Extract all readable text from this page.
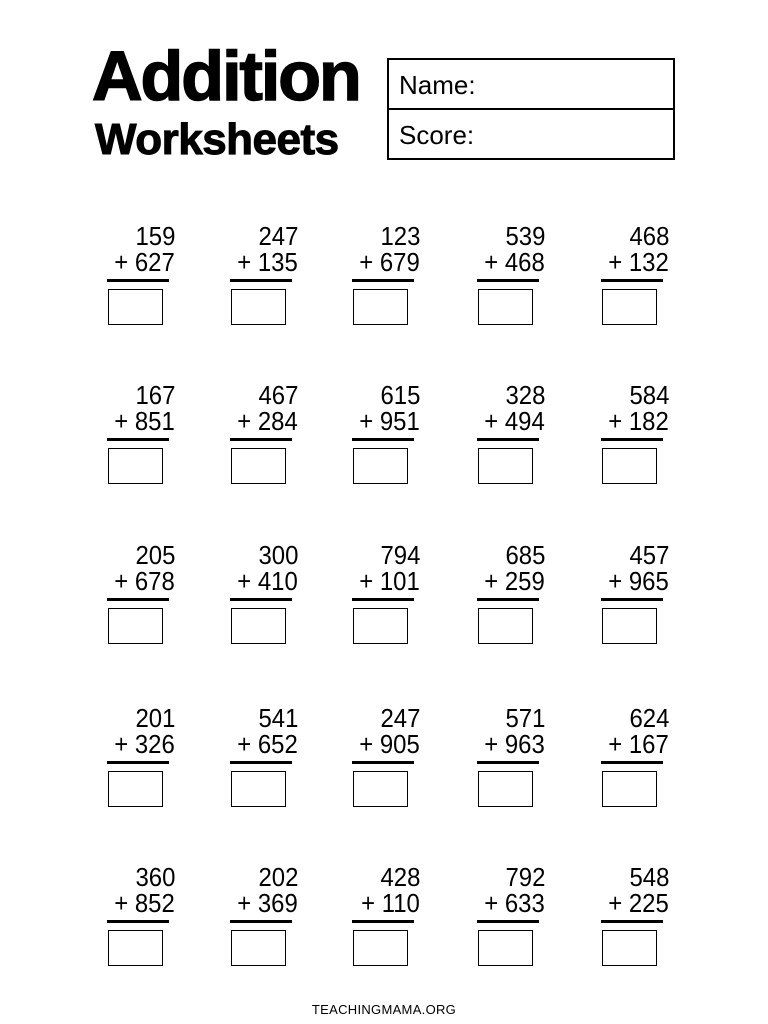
Addition
Worksheets
Name:
Score:
159
+ 627
247
+ 135
123
+ 679
539
+ 468
468
+ 132
167
+ 851
467
+ 284
615
+ 951
328
+ 494
584
+ 182
205
+ 678
300
+ 410
794
+ 101
685
+ 259
457
+ 965
201
+ 326
541
+ 652
247
+ 905
571
+ 963
624
+ 167
360
+ 852
202
+ 369
428
+ 110
792
+ 633
548
+ 225
TEACHINGMAMA.ORG
